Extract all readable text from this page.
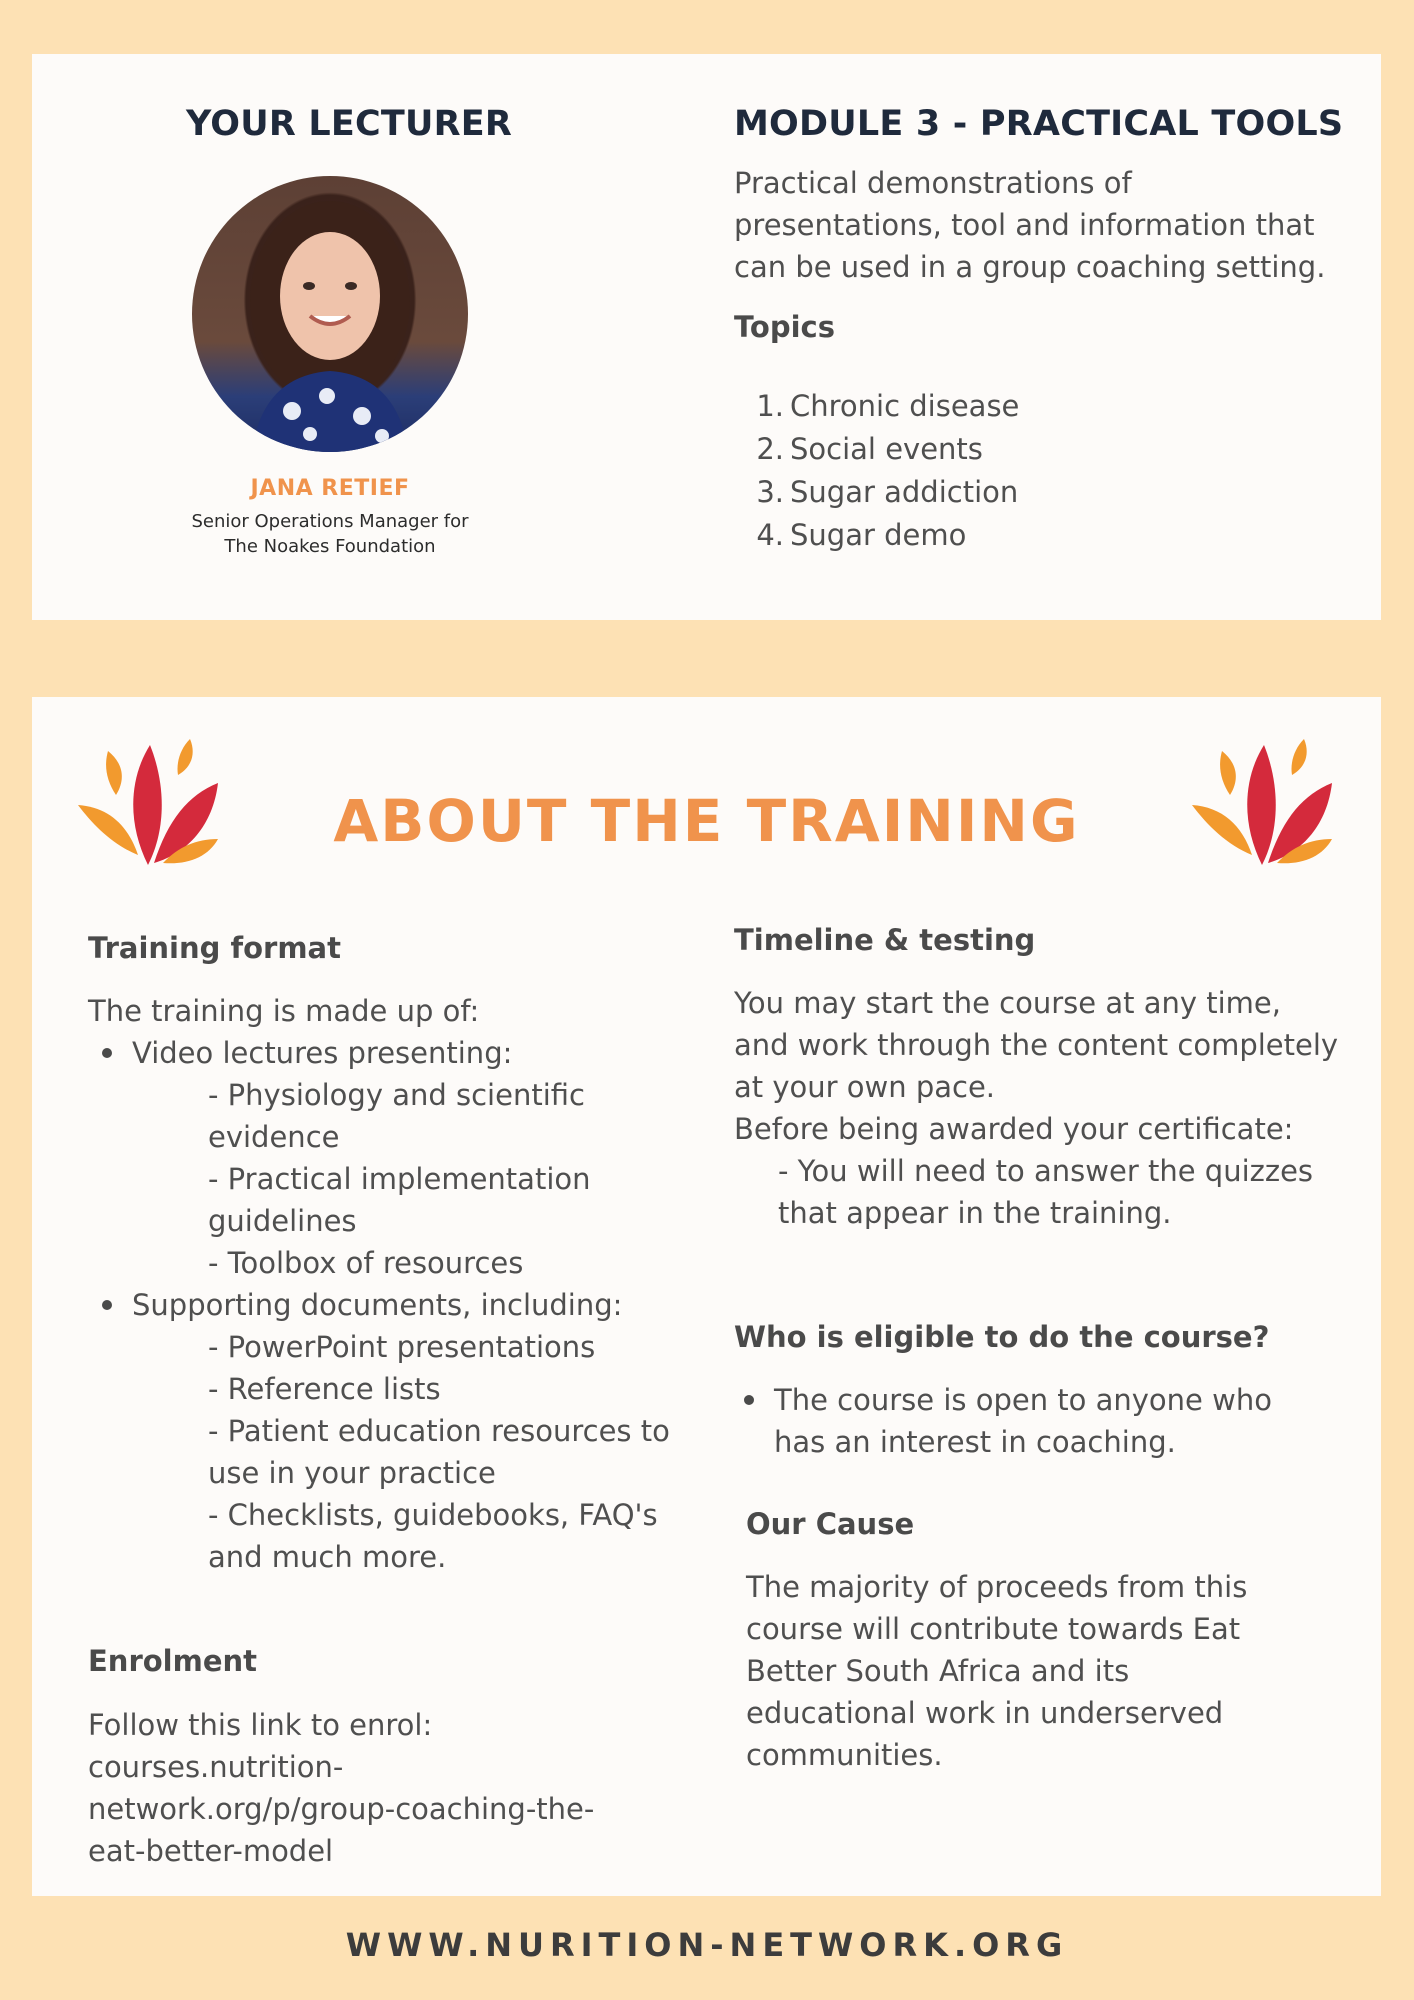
YOUR LECTURER
JANA RETIEF
Senior Operations Manager for
The Noakes Foundation
MODULE 3 - PRACTICAL TOOLS
Practical demonstrations of
presentations, tool and information that
can be used in a group coaching setting.
Topics
1. Chronic disease
2. Social events
3. Sugar addiction
4. Sugar demo
ABOUT THE TRAINING
Training format
The training is made up of:
Video lectures presenting:
- Physiology and scientific
evidence
- Practical implementation
guidelines
- Toolbox of resources
Supporting documents, including:
- PowerPoint presentations
- Reference lists
- Patient education resources to
use in your practice
- Checklists, guidebooks, FAQ's
and much more.
Enrolment
Follow this link to enrol:
courses.nutrition-
network.org/p/group-coaching-the-
eat-better-model
Timeline & testing
You may start the course at any time,
and work through the content completely
at your own pace.
Before being awarded your certificate:
- You will need to answer the quizzes
that appear in the training.
Who is eligible to do the course?
The course is open to anyone who
has an interest in coaching.
Our Cause
The majority of proceeds from this
course will contribute towards Eat
Better South Africa and its
educational work in underserved
communities.
WWW.NURITION-NETWORK.ORG
